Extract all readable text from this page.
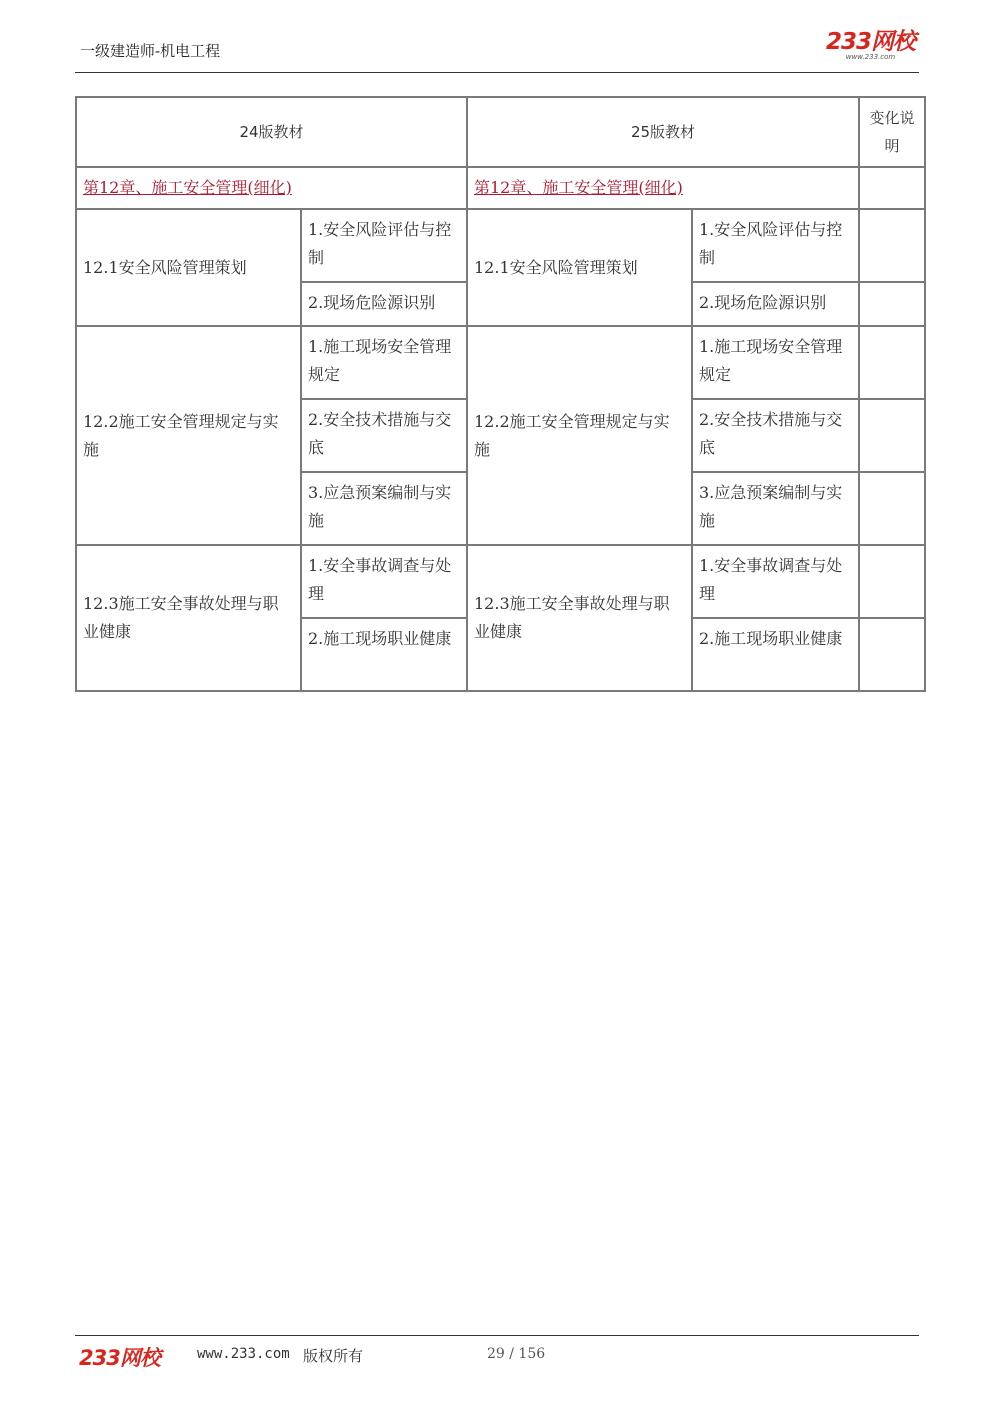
一级建造师-机电工程	233网校
www.233.com
24版教材		25版教材		变化说明
第12章、施工安全管理(细化)		第12章、施工安全管理(细化)		
12.1安全风险管理策划	1.安全风险评估与控制	12.1安全风险管理策划	1.安全风险评估与控制	
	2.现场危险源识别		2.现场危险源识别	
12.2施工安全管理规定与实施	1.施工现场安全管理规定	12.2施工安全管理规定与实施	1.施工现场安全管理规定	
	2.安全技术措施与交底		2.安全技术措施与交底	
	3.应急预案编制与实施		3.应急预案编制与实施	
12.3施工安全事故处理与职业健康	1.安全事故调查与处理	12.3施工安全事故处理与职业健康	1.安全事故调查与处理	
	2.施工现场职业健康		2.施工现场职业健康	
233网校	www.233.com 版权所有	29 / 156
